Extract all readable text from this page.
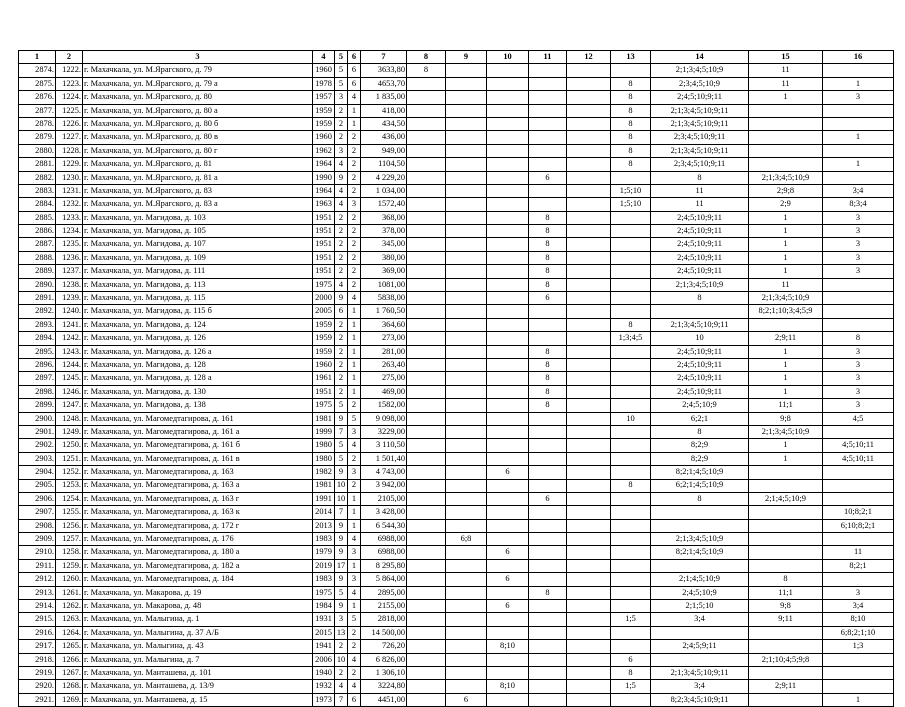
1	2	3	4	5	6	7	8	9	10	11	12	13	14	15	16
2874.	1222.	г. Махачкала, ул. М.Ярагского, д. 79	1960	5	6	3633,80	8						2;1;3;4;5;10;9	11	
2875.	1223.	г. Махачкала, ул. М.Ярагского, д. 79 а	1978	5	6	4653,70						8	2;3;4;5;10;9	11	1
2876.	1224.	г. Махачкала, ул. М.Ярагского, д. 80	1957	3	4	1 835,00						8	2;4;5;10;9;11	1	3
2877.	1225.	г. Махачкала, ул. М.Ярагского, д. 80 а	1959	2	1	418,00						8	2;1;3;4;5;10;9;11		
2878.	1226.	г. Махачкала, ул. М.Ярагского, д. 80 б	1959	2	1	434,50						8	2;1;3;4;5;10;9;11		
2879.	1227.	г. Махачкала, ул. М.Ярагского, д. 80 в	1960	2	2	436,00						8	2;3;4;5;10;9;11		1
2880.	1228.	г. Махачкала, ул. М.Ярагского, д. 80 г	1962	3	2	949,00						8	2;1;3;4;5;10;9;11		
2881.	1229.	г. Махачкала, ул. М.Ярагского, д. 81	1964	4	2	1104,50						8	2;3;4;5;10;9;11		1
2882.	1230.	г. Махачкала, ул. М.Ярагского, д. 81 а	1990	9	2	4 229,20				6			8	2;1;3;4;5;10;9	
2883.	1231.	г. Махачкала, ул. М.Ярагского, д. 83	1964	4	2	1 034,00						1;5;10	11	2;9;8	3;4
2884.	1232.	г. Махачкала, ул. М.Ярагского, д. 83 а	1963	4	3	1572,40						1;5;10	11	2;9	8;3;4
2885.	1233.	г. Махачкала, ул. Магидова, д. 103	1951	2	2	368,00				8			2;4;5;10;9;11	1	3
2886.	1234.	г. Махачкала, ул. Магидова, д. 105	1951	2	2	378,00				8			2;4;5;10;9;11	1	3
2887.	1235.	г. Махачкала, ул. Магидова, д. 107	1951	2	2	345,00				8			2;4;5;10;9;11	1	3
2888.	1236.	г. Махачкала, ул. Магидова, д. 109	1951	2	2	380,00				8			2;4;5;10;9;11	1	3
2889.	1237.	г. Махачкала, ул. Магидова, д. 111	1951	2	2	369,00				8			2;4;5;10;9;11	1	3
2890.	1238.	г. Махачкала, ул. Магидова, д. 113	1975	4	2	1081,00				8			2;1;3;4;5;10;9	11	
2891.	1239.	г. Махачкала, ул. Магидова, д. 115	2000	9	4	5838,00				6			8	2;1;3;4;5;10;9	
2892.	1240.	г. Махачкала, ул. Магидова, д. 115 б	2005	6	1	1 760,50								8;2;1;10;3;4;5;9	
2893.	1241.	г. Махачкала, ул. Магидова, д. 124	1959	2	1	364,60						8	2;1;3;4;5;10;9;11		
2894.	1242.	г. Махачкала, ул. Магидова, д. 126	1959	2	1	273,00						1;3;4;5	10	2;9;11	8
2895.	1243.	г. Махачкала, ул. Магидова, д. 126 а	1959	2	1	281,00				8			2;4;5;10;9;11	1	3
2896.	1244.	г. Махачкала, ул. Магидова, д. 128	1960	2	1	263,40				8			2;4;5;10;9;11	1	3
2897.	1245.	г. Махачкала, ул. Магидова, д. 128 а	1961	2	1	275,00				8			2;4;5;10;9;11	1	3
2898.	1246.	г. Махачкала, ул. Магидова, д. 130	1951	2	1	469,00				8			2;4;5;10;9;11	1	3
2899.	1247.	г. Махачкала, ул. Магидова, д. 138	1975	5	2	1582,00				8			2;4;5;10;9	11;1	3
2900.	1248.	г. Махачкала, ул. Магомедтагирова, д. 161	1981	9	5	9 098,00						10	6;2;1	9;8	4;5
2901.	1249.	г. Махачкала, ул. Магомедтагирова, д. 161 а	1999	7	3	3229,00							8	2;1;3;4;5;10;9	
2902.	1250.	г. Махачкала, ул. Магомедтагирова, д. 161 б	1980	5	4	3 110,50							8;2;9	1	4;5;10;11
2903.	1251.	г. Махачкала, ул. Магомедтагирова, д. 161 в	1980	5	2	1 501,40							8;2;9	1	4;5;10;11
2904.	1252.	г. Махачкала, ул. Магомедтагирова, д. 163	1982	9	3	4 743,00			6				8;2;1;4;5;10;9		
2905.	1253.	г. Махачкала, ул. Магомедтагирова, д. 163 а	1981	10	2	3 942,00						8	6;2;1;4;5;10;9		
2906.	1254.	г. Махачкала, ул. Магомедтагирова, д. 163 г	1991	10	1	2105,00				6			8	2;1;4;5;10;9	
2907.	1255.	г. Махачкала, ул. Магомедтагирова, д. 163 к	2014	7	1	3 428,00									10;8;2;1
2908.	1256.	г. Махачкала, ул. Магомедтагирова, д. 172 г	2013	9	1	6 544,30									6;10;8;2;1
2909.	1257.	г. Махачкала, ул. Магомедтагирова, д. 176	1983	9	4	6988,00		6;8					2;1;3;4;5;10;9		
2910.	1258.	г. Махачкала, ул. Магомедтагирова, д. 180 а	1979	9	3	6988,00			6				8;2;1;4;5;10;9		11
2911.	1259.	г. Махачкала, ул. Магомедтагирова, д. 182 а	2019	17	1	8 295,80									8;2;1
2912.	1260.	г. Махачкала, ул. Магомедтагирова, д. 184	1983	9	3	5 864,00			6				2;1;4;5;10;9	8	
2913.	1261.	г. Махачкала, ул. Макарова, д. 19	1975	5	4	2895,00				8			2;4;5;10;9	11;1	3
2914.	1262.	г. Махачкала, ул. Макарова, д. 48	1984	9	1	2155,00			6				2;1;5;10	9;8	3;4
2915.	1263.	г. Махачкала, ул. Малыгина, д. 1	1931	3	5	2818,00						1;5	3;4	9;11	8;10
2916.	1264.	г. Махачкала, ул. Малыгина, д. 37 А/Б	2015	13	2	14 500,00									6;8;2;1;10
2917.	1265.	г. Махачкала, ул. Малыгина, д. 43	1941	2	2	726,20			8;10				2;4;5;9;11		1;3
2918.	1266.	г. Махачкала, ул. Малыгина, д. 7	2006	10	4	6 826,00						6		2;1;10;4;5;9;8	
2919.	1267.	г. Махачкала, ул. Манташева, д. 101	1940	2	2	1 306,10						8	2;1;3;4;5;10;9;11		
2920.	1268.	г. Махачкала, ул. Манташева, д. 13/9	1932	4	4	3224,80			8;10			1;5	3;4	2;9;11	
2921.	1269.	г. Махачкала, ул. Манташева, д. 15	1973	7	6	4451,00		6					8;2;3;4;5;10;9;11		1
